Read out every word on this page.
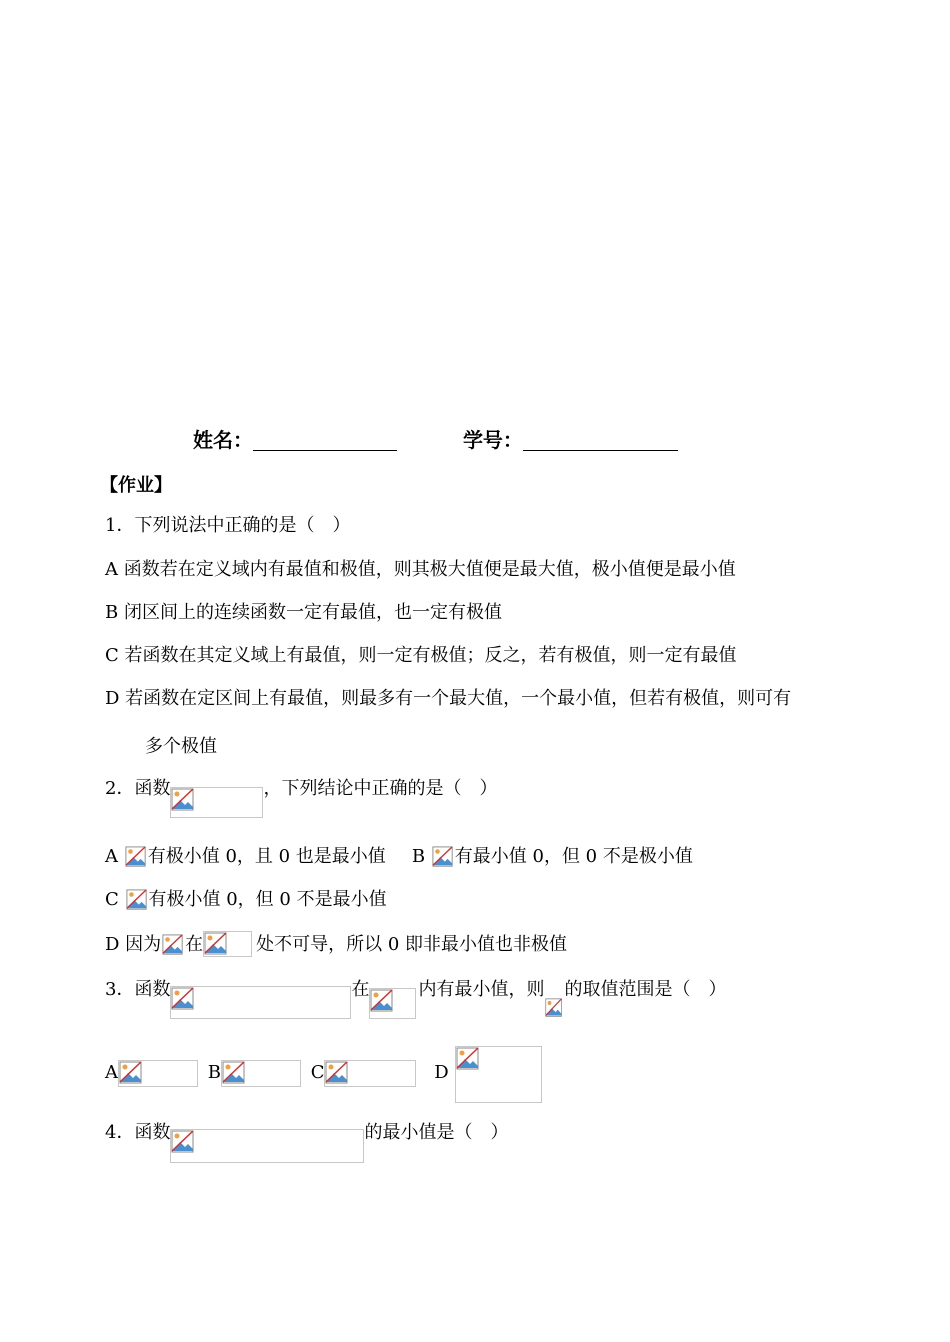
姓名：	学号：
【作业】
1．下列说法中正确的是（　）
A 函数若在定义域内有最值和极值，则其极大值便是最大值，极小值便是最小值
B 闭区间上的连续函数一定有最值，也一定有极值
C 若函数在其定义域上有最值，则一定有极值；反之，若有极值，则一定有最值
D 若函数在定区间上有最值，则最多有一个最大值，一个最小值，但若有极值，则可有
多个极值
2．函数	，下列结论中正确的是（　）
A
有极小值 0，且 0 也是最小值 B
有最小值 0，但 0 不是极小值
C
有极小值 0，但 0 不是最小值
D 因为 在	处不可导，所以 0 即非最小值也非极值
3．函数	在	内有最小值，则 的取值范围是（　）
A	B	C	D
4．函数	的最小值是（　）
